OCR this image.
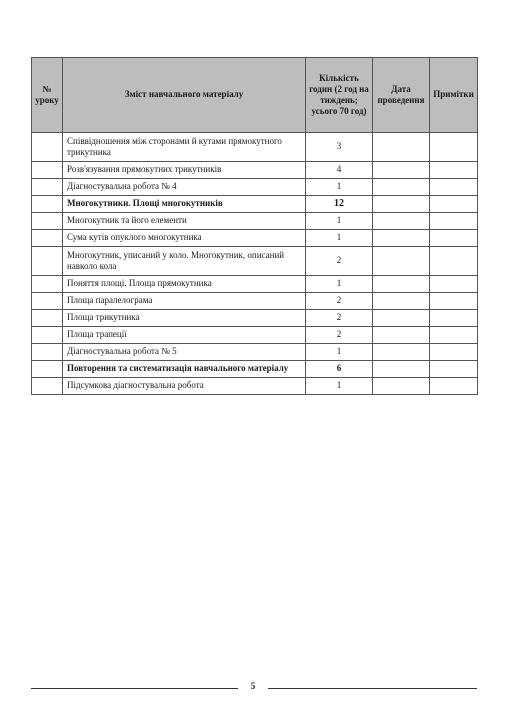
№ уроку	Зміст навчального матеріалу	Кількість годин (2 год на тиждень; усього 70 год)	Дата проведення	Примітки
	Співвідношення між сторонами й кутами прямокутного трикутника	3		
	Розв'язування прямокутних трикутників	4		
	Діагностувальна робота № 4	1		
	Многокутники. Площі многокутників	12		
	Многокутник та його елементи	1		
	Сума кутів опуклого многокутника	1		
	Многокутник, уписаний у коло. Многокутник, описаний навколо кола	2		
	Поняття площі. Площа прямокутника	1		
	Площа паралелограма	2		
	Площа трикутника	2		
	Площа трапеції	2		
	Діагностувальна робота № 5	1		
	Повторення та систематизація навчального матеріалу	6		
	Підсумкова діагностувальна робота	1		
5
